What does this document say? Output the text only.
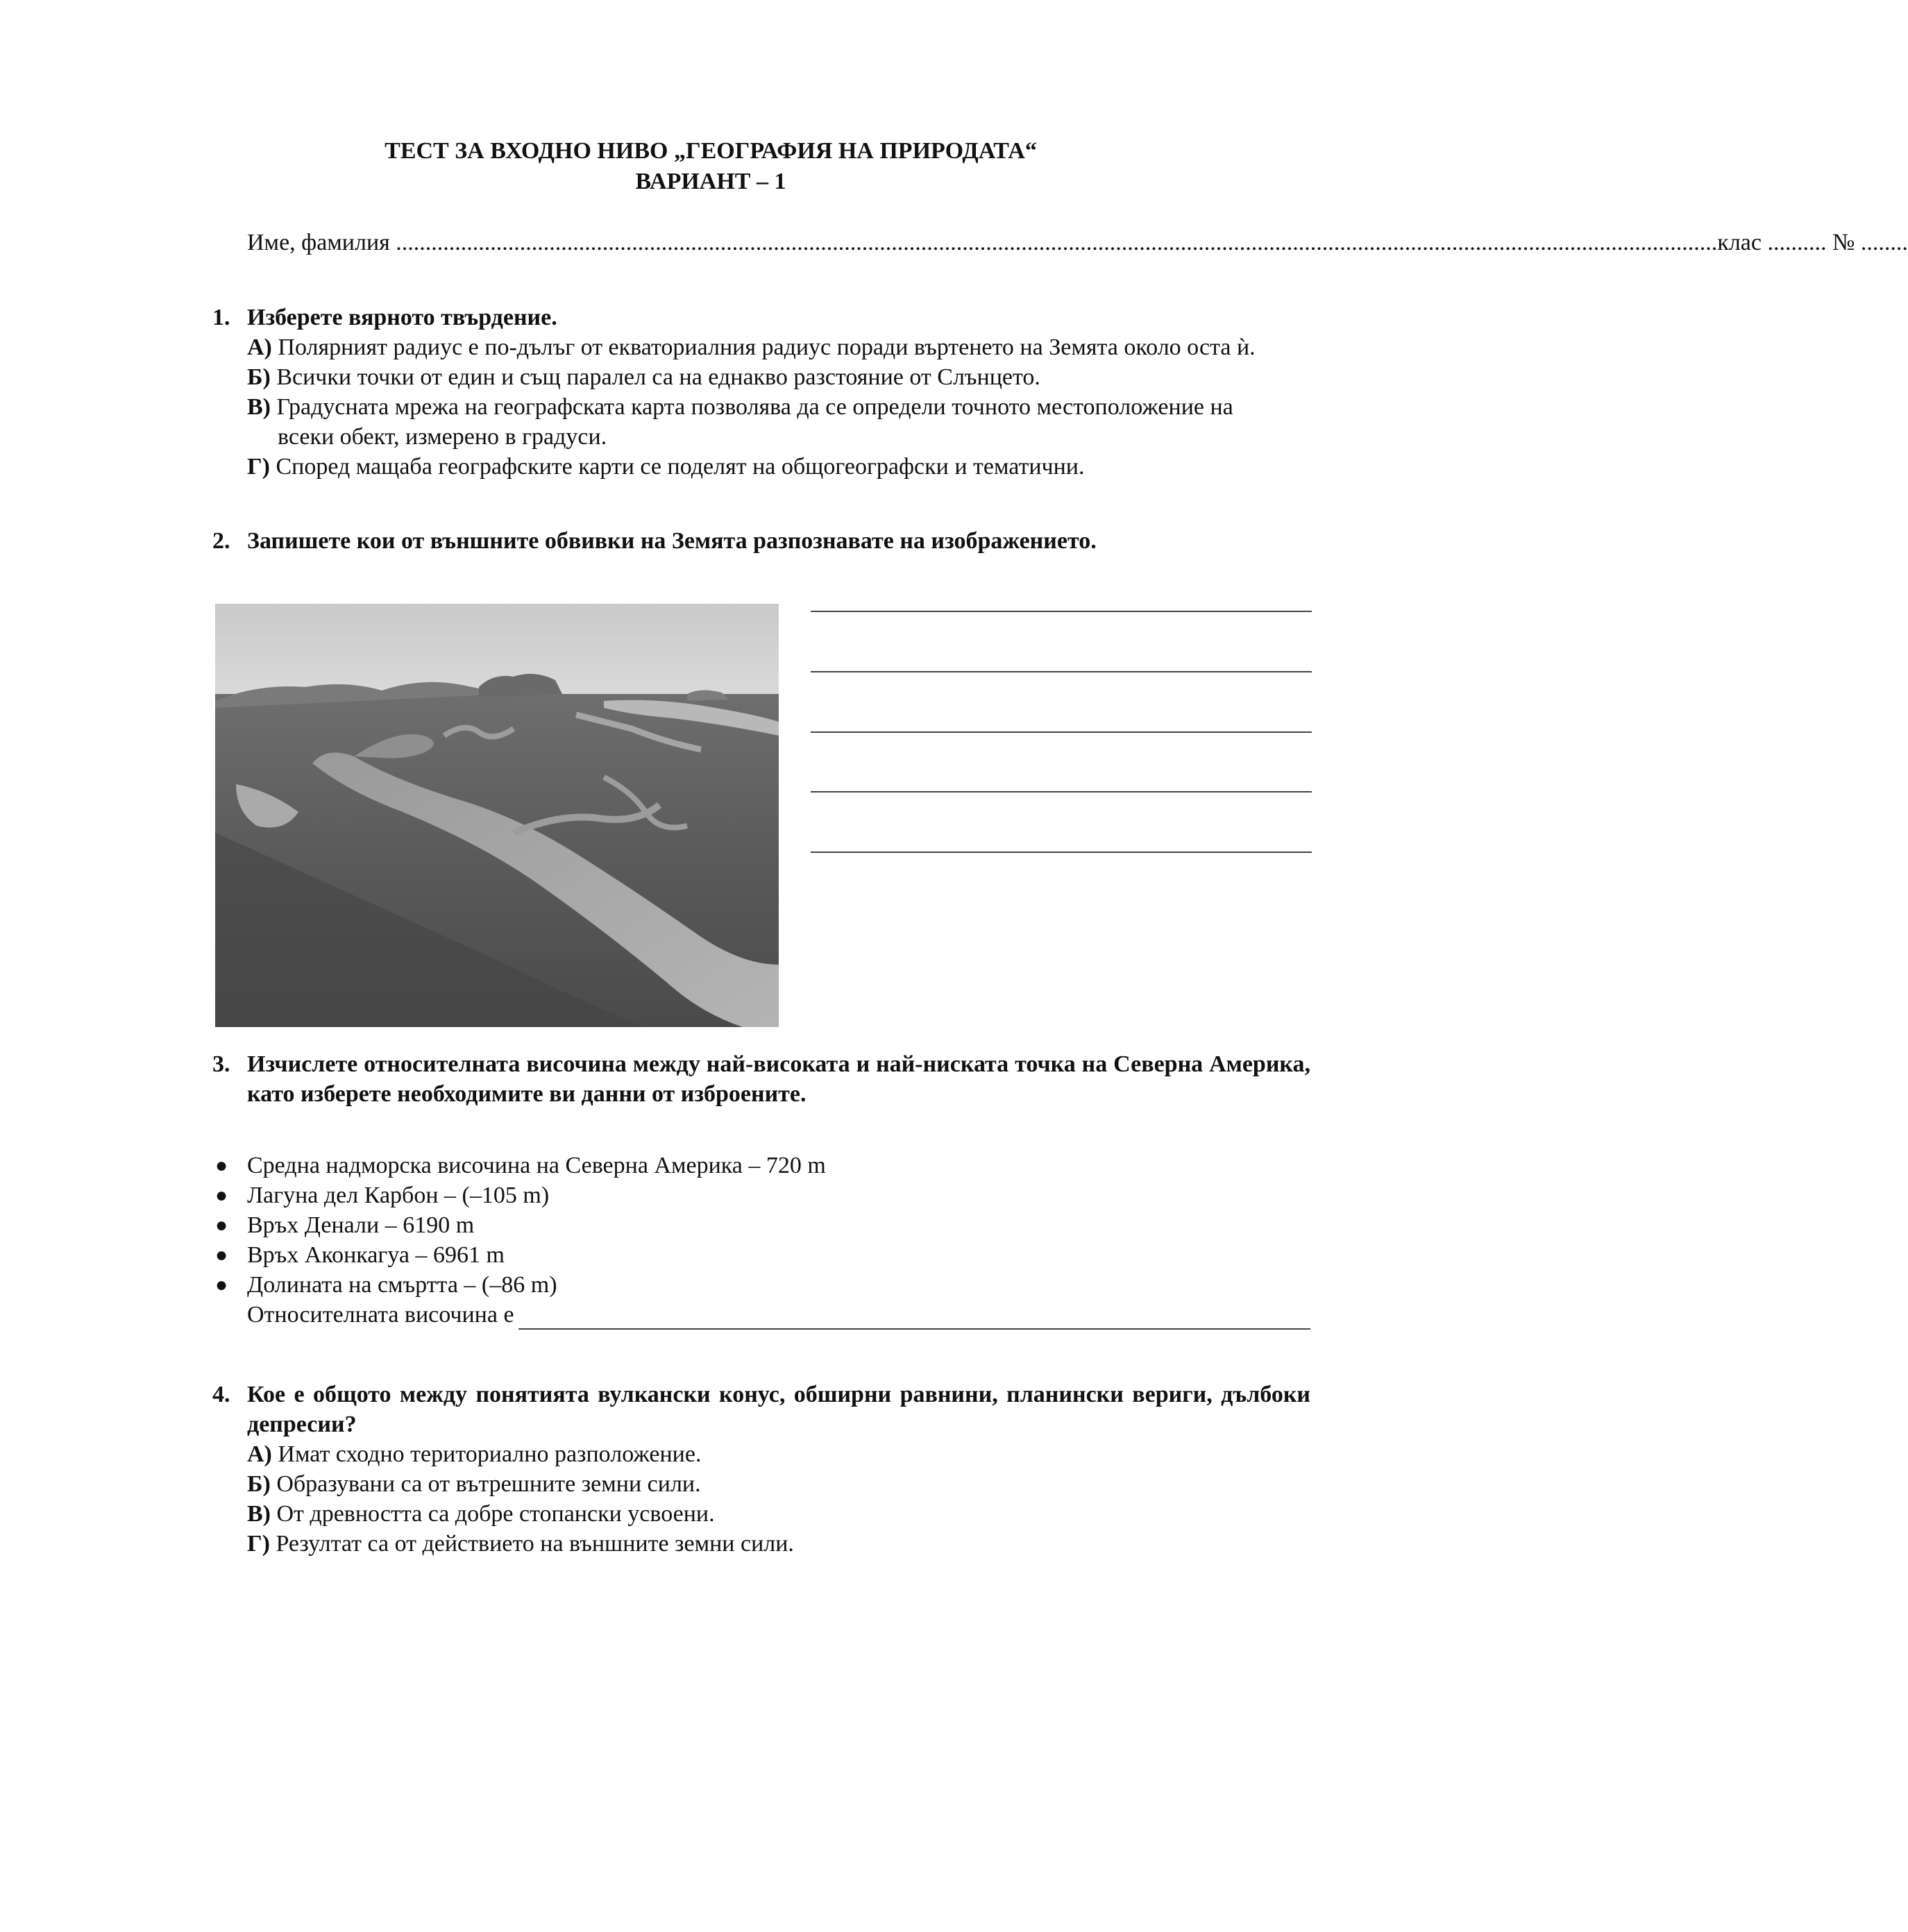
ТЕСТ ЗА ВХОДНО НИВО „ГЕОГРАФИЯ НА ПРИРОДАТА“
ВАРИАНТ – 1
Име, фамилия ................................................................................................................................................................................................................................ клас .......... № ........
1. Изберете вярното твърдение.
А) Полярният радиус е по-дълъг от екваториалния радиус поради въртенето на Земята около оста ѝ.
Б) Всички точки от един и същ паралел са на еднакво разстояние от Слънцето.
В) Градусната мрежа на географската карта позволява да се определи точното местоположение на
всеки обект, измерено в градуси.
Г) Според мащаба географските карти се поделят на общогеографски и тематични.
2. Запишете кои от външните обвивки на Земята разпознавате на изображението.
3. Изчислете относителната височина между най-високата и най-ниската точка на Северна Америка, като изберете необходимите ви данни от изброените.
● Средна надморска височина на Северна Америка – 720 m
● Лагуна дел Карбон – (–105 m)
● Връх Денали – 6190 m
● Връх Аконкагуа – 6961 m
● Долината на смъртта – (–86 m)
Относителната височина е
4. Кое е общото между понятията вулкански конус, обширни равнини, планински вериги, дълбоки депресии?
А) Имат сходно териториално разположение.
Б) Образувани са от вътрешните земни сили.
В) От древността са добре стопански усвоени.
Г) Резултат са от действието на външните земни сили.
